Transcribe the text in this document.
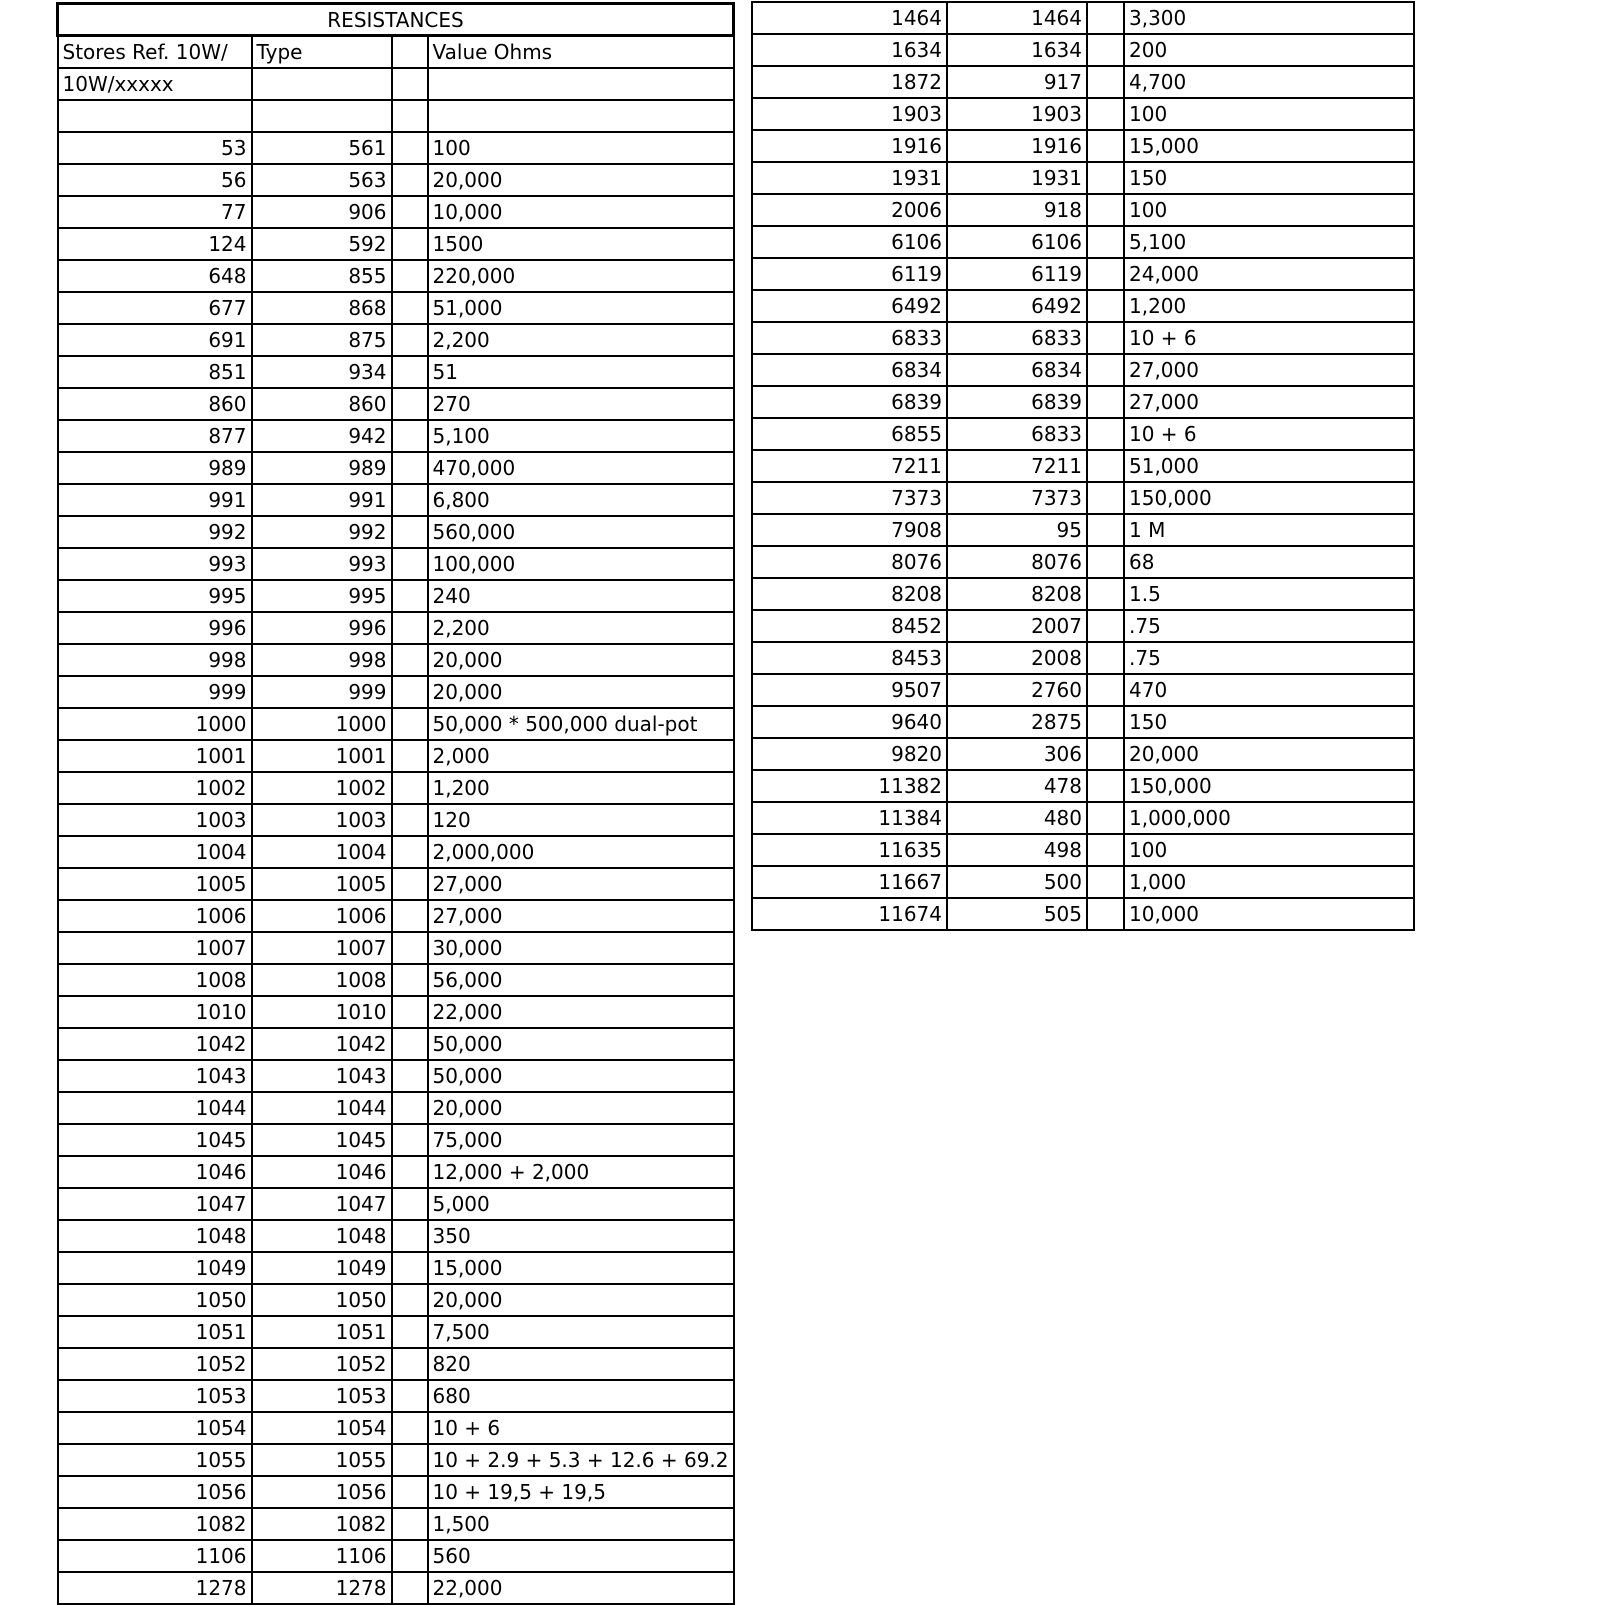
RESISTANCES			
Stores Ref. 10W/	Type		Value Ohms
10W/xxxxx			

53	561		100
56	563		20,000
77	906		10,000
124	592		1500
648	855		220,000
677	868		51,000
691	875		2,200
851	934		51
860	860		270
877	942		5,100
989	989		470,000
991	991		6,800
992	992		560,000
993	993		100,000
995	995		240
996	996		2,200
998	998		20,000
999	999		20,000
1000	1000		50,000 * 500,000 dual-pot
1001	1001		2,000
1002	1002		1,200
1003	1003		120
1004	1004		2,000,000
1005	1005		27,000
1006	1006		27,000
1007	1007		30,000
1008	1008		56,000
1010	1010		22,000
1042	1042		50,000
1043	1043		50,000
1044	1044		20,000
1045	1045		75,000
1046	1046		12,000 + 2,000
1047	1047		5,000
1048	1048		350
1049	1049		15,000
1050	1050		20,000
1051	1051		7,500
1052	1052		820
1053	1053		680
1054	1054		10 + 6
1055	1055		10 + 2.9 + 5.3 + 12.6 + 69.2
1056	1056		10 + 19,5 + 19,5
1082	1082		1,500
1106	1106		560
1278	1278		22,000
1464	1464		3,300
1634	1634		200
1872	917		4,700
1903	1903		100
1916	1916		15,000
1931	1931		150
2006	918		100
6106	6106		5,100
6119	6119		24,000
6492	6492		1,200
6833	6833		10 + 6
6834	6834		27,000
6839	6839		27,000
6855	6833		10 + 6
7211	7211		51,000
7373	7373		150,000
7908	95		1 M
8076	8076		68
8208	8208		1.5
8452	2007		.75
8453	2008		.75
9507	2760		470
9640	2875		150
9820	306		20,000
11382	478		150,000
11384	480		1,000,000
11635	498		100
11667	500		1,000
11674	505		10,000
